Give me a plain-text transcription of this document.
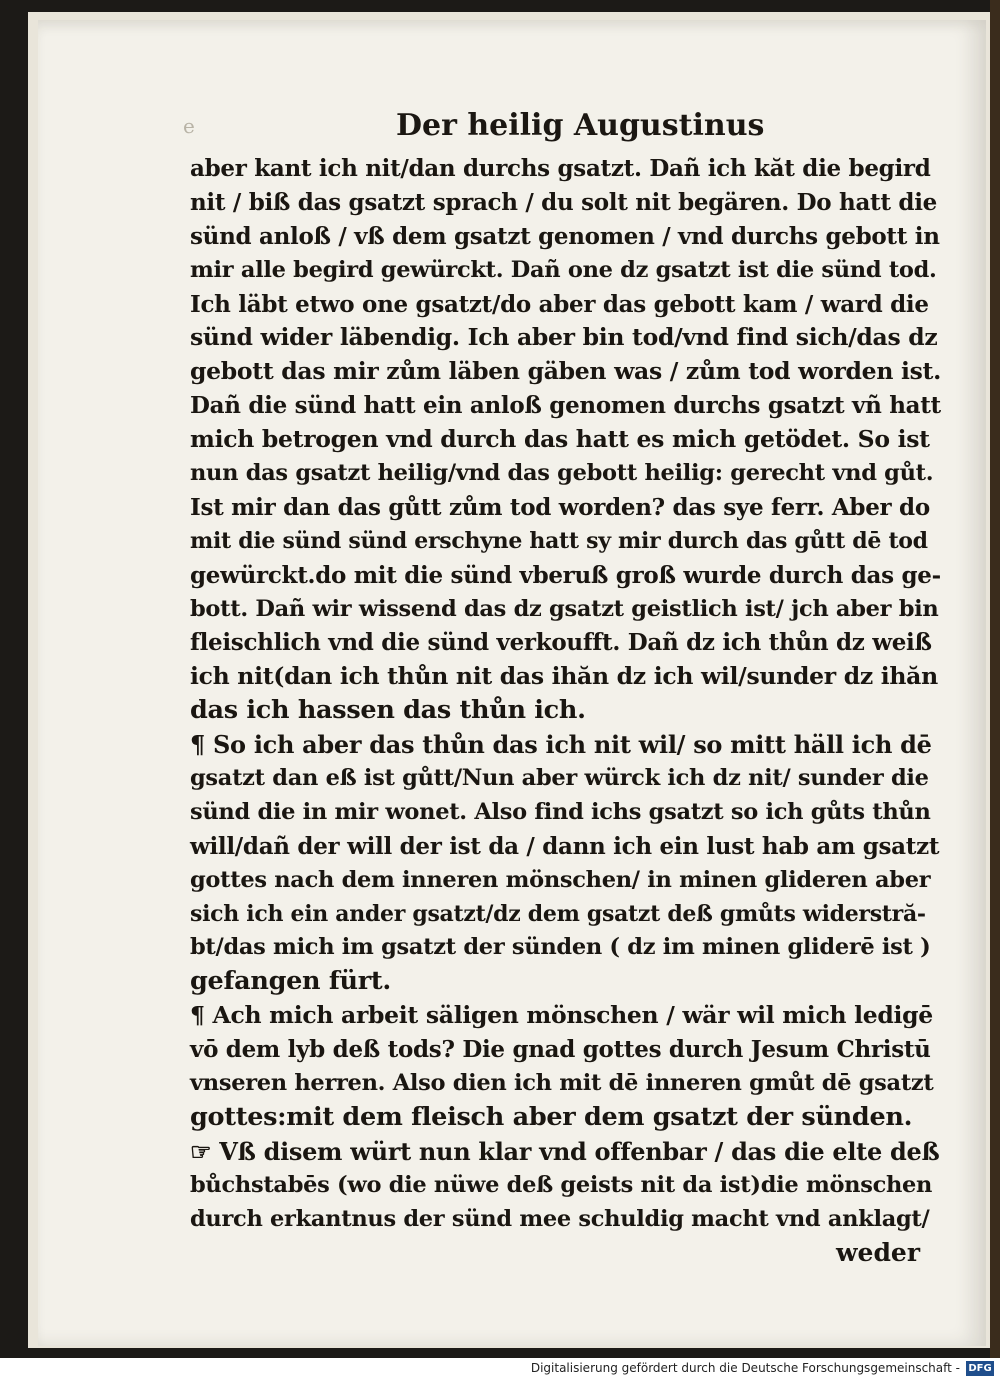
e	Der heilig Augustinus
aber kant ich nit/dan durchs gsatzt. Dañ ich kăt die begird
nit / biß das gsatzt sprach / du solt nit begären. Do hatt die
sünd anloß / vß dem gsatzt genomen / vnd durchs gebott in
mir alle begird gewürckt. Dañ one dz gsatzt ist die sünd tod.
Ich läbt etwo one gsatzt/do aber das gebott kam / ward die
sünd wider läbendig. Ich aber bin tod/vnd find sich/das dz
gebott das mir zům läben gäben was / zům tod worden ist.
Dañ die sünd hatt ein anloß genomen durchs gsatzt vñ hatt
mich betrogen vnd durch das hatt es mich getödet. So ist
nun das gsatzt heilig/vnd das gebott heilig: gerecht vnd gůt.
Ist mir dan das gůtt zům tod worden? das sye ferr. Aber do
mit die sünd sünd erschyne hatt sy mir durch das gůtt dē tod
gewürckt.do mit die sünd vberuß groß wurde durch das ge-
bott. Dañ wir wissend das dz gsatzt geistlich ist/ jch aber bin
fleischlich vnd die sünd verkoufft. Dañ dz ich thůn dz weiß
ich nit(dan ich thůn nit das ihăn dz ich wil/sunder dz ihăn
das ich hassen das thůn ich.
¶ So ich aber das thůn das ich nit wil/ so mitt häll ich dē
gsatzt dan eß ist gůtt/Nun aber würck ich dz nit/ sunder die
sünd die in mir wonet. Also find ichs gsatzt so ich gůts thůn
will/dañ der will der ist da / dann ich ein lust hab am gsatzt
gottes nach dem inneren mönschen/ in minen glideren aber
sich ich ein ander gsatzt/dz dem gsatzt deß gmůts widerstră-
bt/das mich im gsatzt der sünden ( dz im minen gliderē ist )
gefangen fürt.
¶ Ach mich arbeit säligen mönschen / wär wil mich ledigē
vō dem lyb deß tods? Die gnad gottes durch Jesum Christū
vnseren herren. Also dien ich mit dē inneren gmůt dē gsatzt
gottes:mit dem fleisch aber dem gsatzt der sünden.
☞ Vß disem würt nun klar vnd offenbar / das die elte deß
bůchstabēs (wo die nüwe deß geists nit da ist)die mönschen
durch erkantnus der sünd mee schuldig macht vnd anklagt/
weder
Digitalisierung gefördert durch die Deutsche Forschungsgemeinschaft - DFG
